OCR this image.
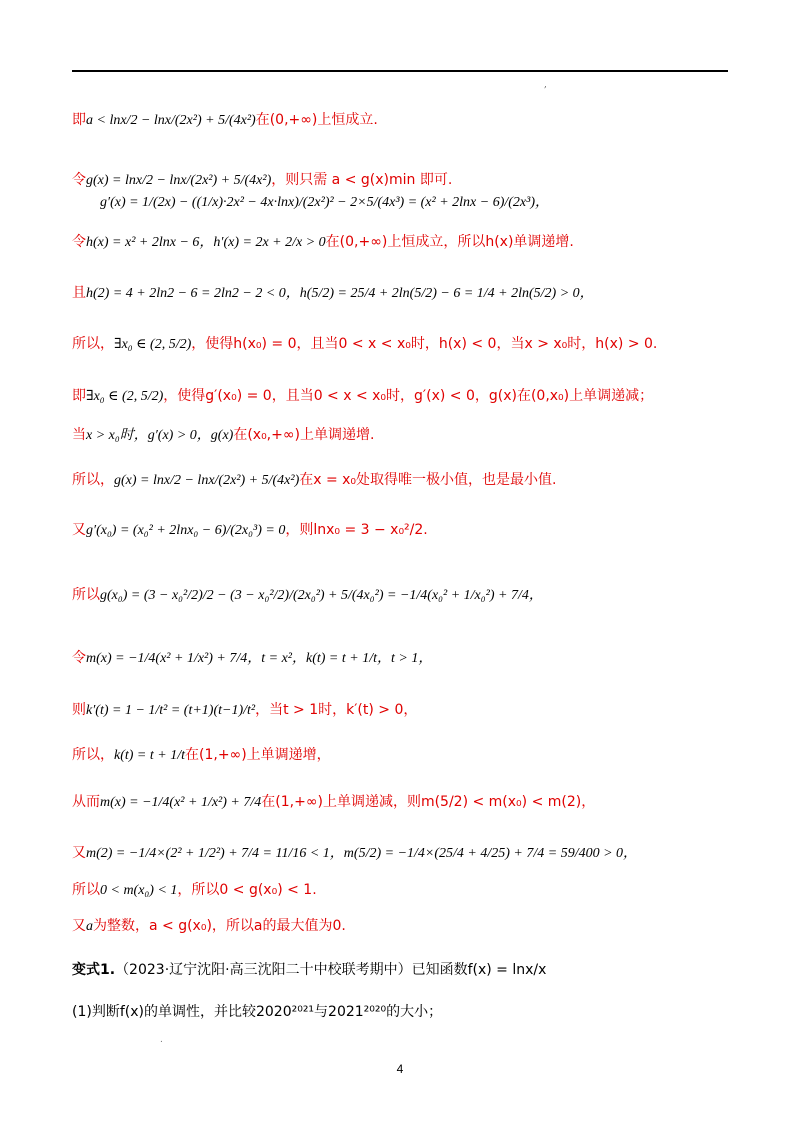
,
即a < lnx/2 − lnx/(2x²) + 5/(4x²)在(0,+∞)上恒成立.
令g(x) = lnx/2 − lnx/(2x²) + 5/(4x²)，则只需 a < g(x)min 即可.
g′(x) = 1/(2x) − ((1/x)·2x² − 4x·lnx)/(2x²)² − 2×5/(4x³) = (x² + 2lnx − 6)/(2x³)，
令h(x) = x² + 2lnx − 6，h′(x) = 2x + 2/x > 0在(0,+∞)上恒成立，所以h(x)单调递增.
且h(2) = 4 + 2ln2 − 6 = 2ln2 − 2 < 0，h(5/2) = 25/4 + 2ln(5/2) − 6 = 1/4 + 2ln(5/2) > 0，
所以，∃x₀ ∈ (2, 5/2)，使得h(x₀) = 0，且当0 < x < x₀时，h(x) < 0，当x > x₀时，h(x) > 0.
即∃x₀ ∈ (2, 5/2)，使得g′(x₀) = 0，且当0 < x < x₀时，g′(x) < 0，g(x)在(0,x₀)上单调递减；
当x > x₀时，g′(x) > 0，g(x)在(x₀,+∞)上单调递增.
所以，g(x) = lnx/2 − lnx/(2x²) + 5/(4x²)在x = x₀处取得唯一极小值，也是最小值.
又g′(x₀) = (x₀² + 2lnx₀ − 6)/(2x₀³) = 0，则lnx₀ = 3 − x₀²/2.
所以g(x₀) = (3 − x₀²/2)/2 − (3 − x₀²/2)/(2x₀²) + 5/(4x₀²) = −1/4(x₀² + 1/x₀²) + 7/4，
令m(x) = −1/4(x² + 1/x²) + 7/4，t = x²，k(t) = t + 1/t，t > 1，
则k′(t) = 1 − 1/t² = (t+1)(t−1)/t²，当t > 1时，k′(t) > 0，
所以，k(t) = t + 1/t在(1,+∞)上单调递增，
从而m(x) = −1/4(x² + 1/x²) + 7/4在(1,+∞)上单调递减，则m(5/2) < m(x₀) < m(2)，
又m(2) = −1/4×(2² + 1/2²) + 7/4 = 11/16 < 1，m(5/2) = −1/4×(25/4 + 4/25) + 7/4 = 59/400 > 0，
所以0 < m(x₀) < 1，所以0 < g(x₀) < 1.
又a为整数，a < g(x₀)，所以a的最大值为0.
变式1.（2023·辽宁沈阳·高三沈阳二十中校联考期中）已知函数f(x) = lnx/x
(1)判断f(x)的单调性，并比较2020²⁰²¹与2021²⁰²⁰的大小；
.
4
